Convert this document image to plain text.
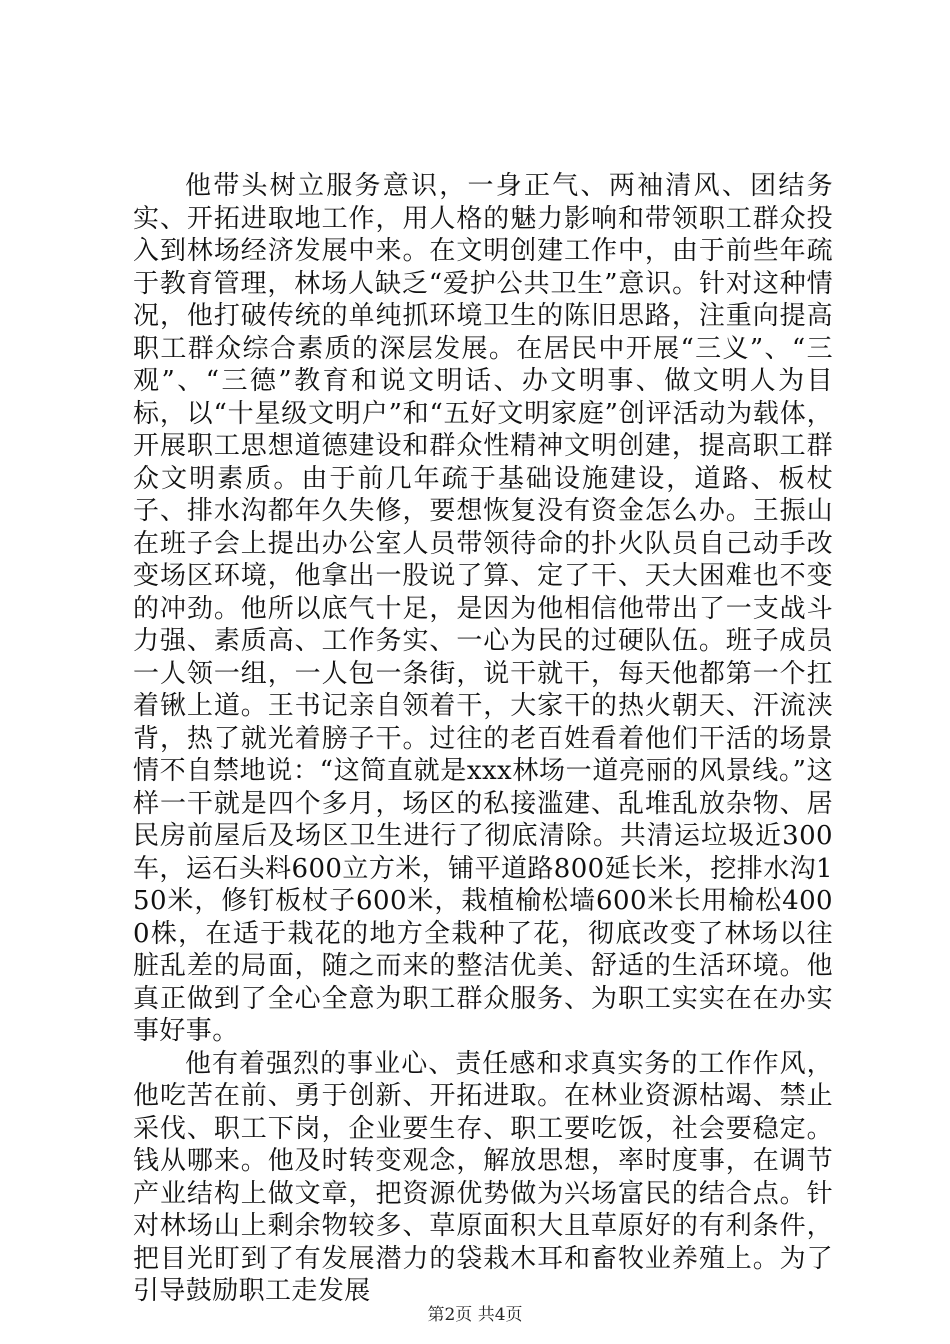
他带头树立服务意识，一身正气、两袖清风、团结务实、开拓进取地工作，用人格的魅力影响和带领职工群众投入到林场经济发展中来。在文明创建工作中，由于前些年疏于教育管理，林场人缺乏“爱护公共卫生”意识。针对这种情况，他打破传统的单纯抓环境卫生的陈旧思路，注重向提高职工群众综合素质的深层发展。在居民中开展“三义”、“三观”、“三德”教育和说文明话、办文明事、做文明人为目标，以“十星级文明户”和“五好文明家庭”创评活动为载体，开展职工思想道德建设和群众性精神文明创建，提高职工群众文明素质。由于前几年疏于基础设施建设，道路、板杖子、排水沟都年久失修，要想恢复没有资金怎么办。王振山在班子会上提出办公室人员带领待命的扑火队员自己动手改变场区环境，他拿出一股说了算、定了干、天大困难也不变的冲劲。他所以底气十足，是因为他相信他带出了一支战斗力强、素质高、工作务实、一心为民的过硬队伍。班子成员一人领一组，一人包一条街，说干就干，每天他都第一个扛着锹上道。王书记亲自领着干，大家干的热火朝天、汗流浃背，热了就光着膀子干。过往的老百姓看着他们干活的场景情不自禁地说：“这简直就是xxx林场一道亮丽的风景线。”这样一干就是四个多月，场区的私接滥建、乱堆乱放杂物、居民房前屋后及场区卫生进行了彻底清除。共清运垃圾近300车，运石头料600立方米，铺平道路800延长米，挖排水沟150米，修钉板杖子600米，栽植榆松墙600米长用榆松4000株，在适于栽花的地方全栽种了花，彻底改变了林场以往脏乱差的局面，随之而来的整洁优美、舒适的生活环境。他真正做到了全心全意为职工群众服务、为职工实实在在办实事好事。

他有着强烈的事业心、责任感和求真实务的工作作风，他吃苦在前、勇于创新、开拓进取。在林业资源枯竭、禁止采伐、职工下岗，企业要生存、职工要吃饭，社会要稳定。钱从哪来。他及时转变观念，解放思想，率时度事，在调节产业结构上做文章，把资源优势做为兴场富民的结合点。针对林场山上剩余物较多、草原面积大且草原好的有利条件，把目光盯到了有发展潜力的袋栽木耳和畜牧业养殖上。为了引导鼓励职工走发展

第2页 共4页
